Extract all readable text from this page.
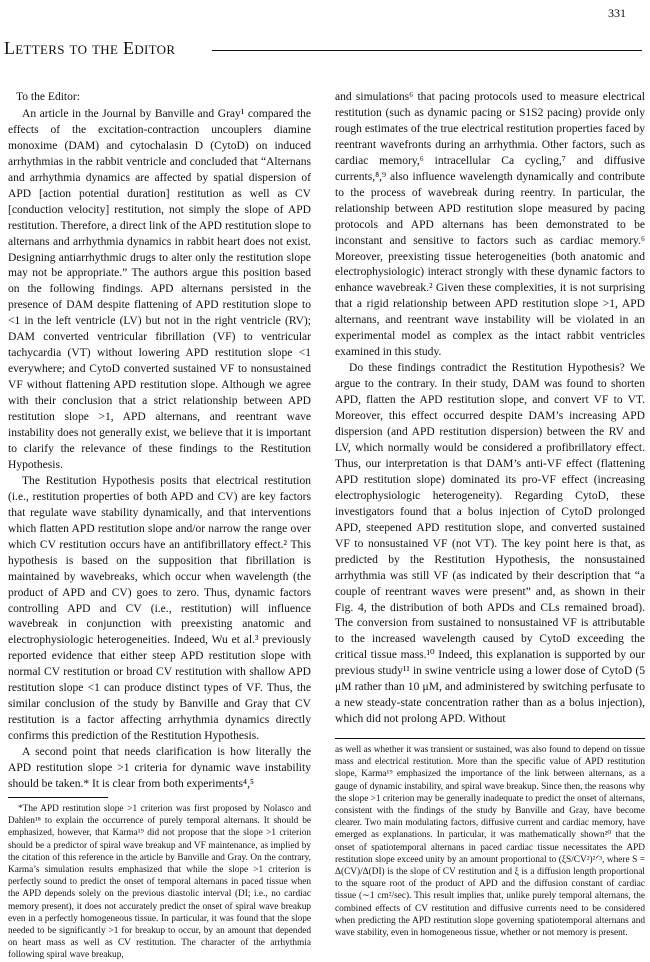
331
Letters to the Editor

To the Editor:

An article in the Journal by Banville and Gray¹ compared the effects of the excitation-contraction uncouplers diamine monoxime (DAM) and cytochalasin D (CytoD) on induced arrhythmias in the rabbit ventricle and concluded that “Alternans and arrhythmia dynamics are affected by spatial dispersion of APD [action potential duration] restitution as well as CV [conduction velocity] restitution, not simply the slope of APD restitution. Therefore, a direct link of the APD restitution slope to alternans and arrhythmia dynamics in rabbit heart does not exist. Designing antiarrhythmic drugs to alter only the restitution slope may not be appropriate.” The authors argue this position based on the following findings. APD alternans persisted in the presence of DAM despite flattening of APD restitution slope to <1 in the left ventricle (LV) but not in the right ventricle (RV); DAM converted ventricular fibrillation (VF) to ventricular tachycardia (VT) without lowering APD restitution slope <1 everywhere; and CytoD converted sustained VF to nonsustained VF without flattening APD restitution slope. Although we agree with their conclusion that a strict relationship between APD restitution slope >1, APD alternans, and reentrant wave instability does not generally exist, we believe that it is important to clarify the relevance of these findings to the Restitution Hypothesis.

The Restitution Hypothesis posits that electrical restitution (i.e., restitution properties of both APD and CV) are key factors that regulate wave stability dynamically, and that interventions which flatten APD restitution slope and/or narrow the range over which CV restitution occurs have an antifibrillatory effect.² This hypothesis is based on the supposition that fibrillation is maintained by wavebreaks, which occur when wavelength (the product of APD and CV) goes to zero. Thus, dynamic factors controlling APD and CV (i.e., restitution) will influence wavebreak in conjunction with preexisting anatomic and electrophysiologic heterogeneities. Indeed, Wu et al.³ previously reported evidence that either steep APD restitution slope with normal CV restitution or broad CV restitution with shallow APD restitution slope <1 can produce distinct types of VF. Thus, the similar conclusion of the study by Banville and Gray that CV restitution is a factor affecting arrhythmia dynamics directly confirms this prediction of the Restitution Hypothesis.

A second point that needs clarification is how literally the APD restitution slope >1 criteria for dynamic wave instability should be taken.* It is clear from both experiments⁴,⁵

and simulations⁶ that pacing protocols used to measure electrical restitution (such as dynamic pacing or S1S2 pacing) provide only rough estimates of the true electrical restitution properties faced by reentrant wavefronts during an arrhythmia. Other factors, such as cardiac memory,⁶ intracellular Ca cycling,⁷ and diffusive currents,⁸,⁹ also influence wavelength dynamically and contribute to the process of wavebreak during reentry. In particular, the relationship between APD restitution slope measured by pacing protocols and APD alternans has been demonstrated to be inconstant and sensitive to factors such as cardiac memory.⁶ Moreover, preexisting tissue heterogeneities (both anatomic and electrophysiologic) interact strongly with these dynamic factors to enhance wavebreak.² Given these complexities, it is not surprising that a rigid relationship between APD restitution slope >1, APD alternans, and reentrant wave instability will be violated in an experimental model as complex as the intact rabbit ventricles examined in this study.

Do these findings contradict the Restitution Hypothesis? We argue to the contrary. In their study, DAM was found to shorten APD, flatten the APD restitution slope, and convert VF to VT. Moreover, this effect occurred despite DAM’s increasing APD dispersion (and APD restitution dispersion) between the RV and LV, which normally would be considered a profibrillatory effect. Thus, our interpretation is that DAM’s anti-VF effect (flattening APD restitution slope) dominated its pro-VF effect (increasing electrophysiologic heterogeneity). Regarding CytoD, these investigators found that a bolus injection of CytoD prolonged APD, steepened APD restitution slope, and converted sustained VF to nonsustained VF (not VT). The key point here is that, as predicted by the Restitution Hypothesis, the nonsustained arrhythmia was still VF (as indicated by their description that “a couple of reentrant waves were present” and, as shown in their Fig. 4, the distribution of both APDs and CLs remained broad). The conversion from sustained to nonsustained VF is attributable to the increased wavelength caused by CytoD exceeding the critical tissue mass.¹⁰ Indeed, this explanation is supported by our previous study¹¹ in swine ventricle using a lower dose of CytoD (5 μM rather than 10 μM, and administered by switching perfusate to a new steady-state concentration rather than as a bolus injection), which did not prolong APD. Without

*The APD restitution slope >1 criterion was first proposed by Nolasco and Dahlen¹⁸ to explain the occurrence of purely temporal alternans. It should be emphasized, however, that Karma¹⁹ did not propose that the slope >1 criterion should be a predictor of spiral wave breakup and VF maintenance, as implied by the citation of this reference in the article by Banville and Gray. On the contrary, Karma’s simulation results emphasized that while the slope >1 criterion is perfectly sound to predict the onset of temporal alternans in paced tissue when the APD depends solely on the previous diastolic interval (DI; i.e., no cardiac memory present), it does not accurately predict the onset of spiral wave breakup even in a perfectly homogeneous tissue. In particular, it was found that the slope needed to be significantly >1 for breakup to occur, by an amount that depended on heart mass as well as CV restitution. The character of the arrhythmia following spiral wave breakup,
as well as whether it was transient or sustained, was also found to depend on tissue mass and electrical restitution. More than the specific value of APD restitution slope, Karma¹⁹ emphasized the importance of the link between alternans, as a gauge of dynamic instability, and spiral wave breakup. Since then, the reasons why the slope >1 criterion may be generally inadequate to predict the onset of alternans, consistent with the findings of the study by Banville and Gray, have become clearer. Two main modulating factors, diffusive current and cardiac memory, have emerged as explanations. In particular, it was mathematically shown²⁰ that the onset of spatiotemporal alternans in paced cardiac tissue necessitates the APD restitution slope exceed unity by an amount proportional to (ξS/CV²)²ᐟ³, where S = Δ(CV)/Δ(DI) is the slope of CV restitution and ξ is a diffusion length proportional to the square root of the product of APD and the diffusion constant of cardiac tissue (∼1 cm²/sec). This result implies that, unlike purely temporal alternans, the combined effects of CV restitution and diffusive currents need to be considered when predicting the APD restitution slope governing spatiotemporal alternans and wave stability, even in homogeneous tissue, whether or not memory is present.
